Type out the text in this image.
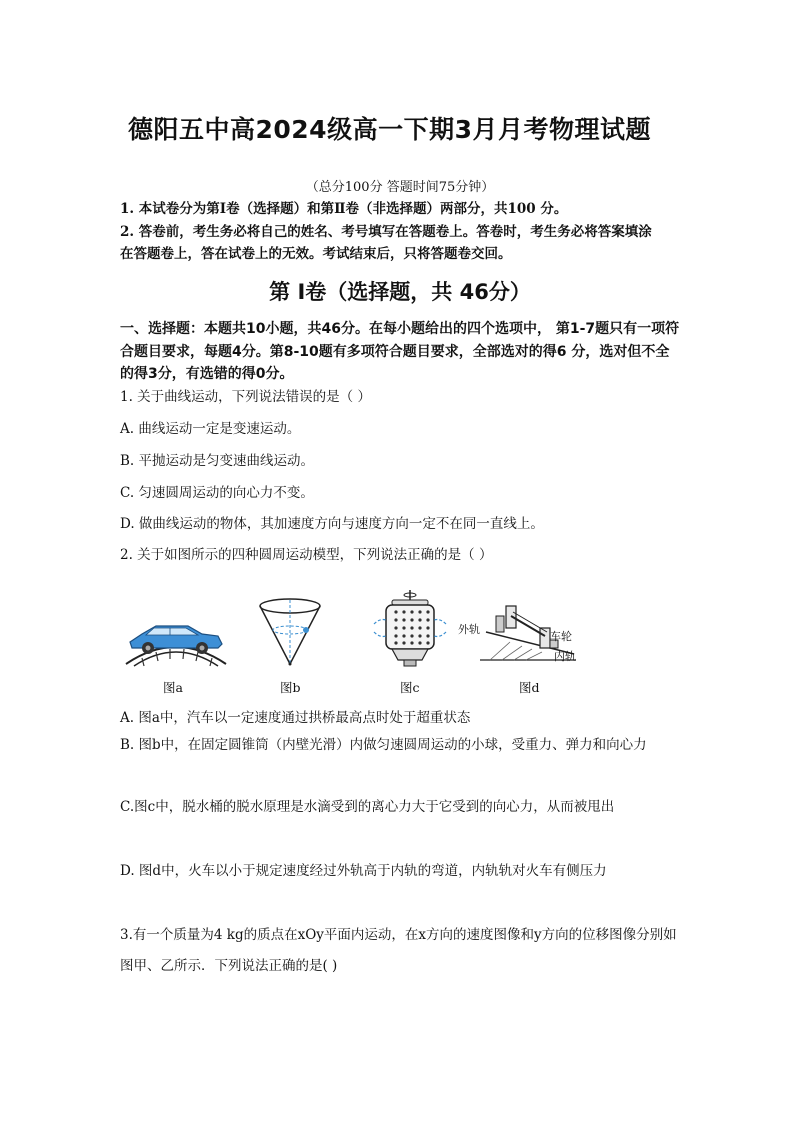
德阳五中高2024级高一下期3月月考物理试题
（总分100分 答题时间75分钟）
1. 本试卷分为第Ⅰ卷（选择题）和第Ⅱ卷（非选择题）两部分，共100 分。
2. 答卷前，考生务必将自己的姓名、考号填写在答题卷上。答卷时，考生务必将答案填涂在答题卷上，答在试卷上的无效。考试结束后，只将答题卷交回。
第 Ⅰ卷（选择题，共 46分）
一、选择题：本题共10小题，共46分。在每小题给出的四个选项中， 第1-7题只有一项符合题目要求，每题4分。第8-10题有多项符合题目要求，全部选对的得6 分，选对但不全的得3分，有选错的得0分。
1. 关于曲线运动，下列说法错误的是（ ）
A. 曲线运动一定是变速运动。
B. 平抛运动是匀变速曲线运动。
C. 匀速圆周运动的向心力不变。
D. 做曲线运动的物体，其加速度方向与速度方向一定不在同一直线上。
2. 关于如图所示的四种圆周运动模型，下列说法正确的是（ ）
图a	图b	图c
外轨
车轮
内轨
图d
A. 图a中，汽车以一定速度通过拱桥最高点时处于超重状态
B. 图b中，在固定圆锥筒（内壁光滑）内做匀速圆周运动的小球，受重力、弹力和向心力
C.图c中，脱水桶的脱水原理是水滴受到的离心力大于它受到的向心力，从而被甩出
D. 图d中，火车以小于规定速度经过外轨高于内轨的弯道，内轨轨对火车有侧压力
3.有一个质量为4 kg的质点在xOy平面内运动，在x方向的速度图像和y方向的位移图像分别如图甲、乙所示．下列说法正确的是( )
